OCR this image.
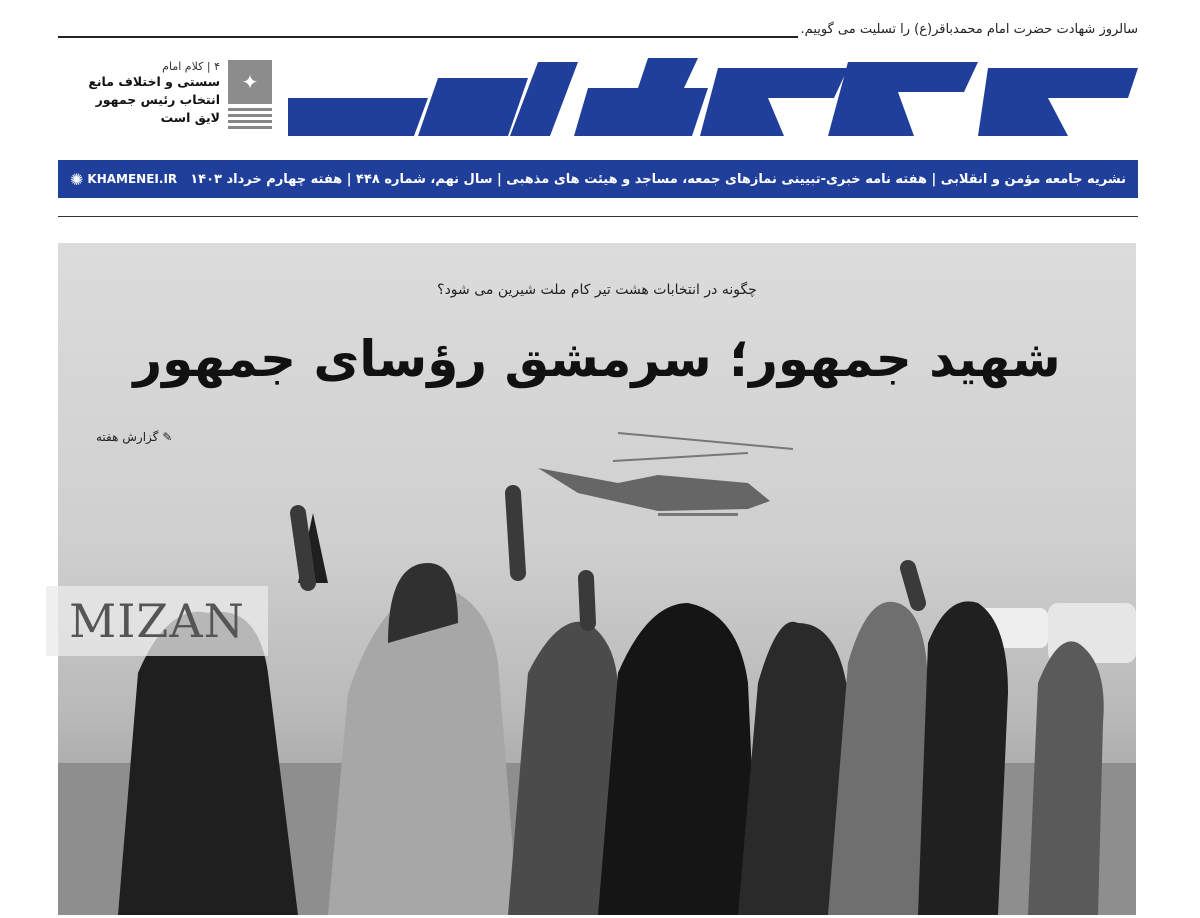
سالروز شهادت حضرت امام محمدباقر(ع) را تسلیت می گوییم.
۴۴۸
✦
۴ | کلام امام
سستی و اختلاف مانع
انتخاب رئیس جمهور
لایق است
✺ KHAMENEI.IR نشریه جامعه مؤمن و انقلابی | هفته نامه خبری-تبیینی نمازهای جمعه، مساجد و هیئت های مذهبی | سال نهم، شماره ۴۴۸ | هفته چهارم خرداد ۱۴۰۳
چگونه در انتخابات هشت تیر کام ملت شیرین می شود؟
شهید جمهور؛ سرمشق رؤسای جمهور
✎
گزارش هفته
MIZAN
